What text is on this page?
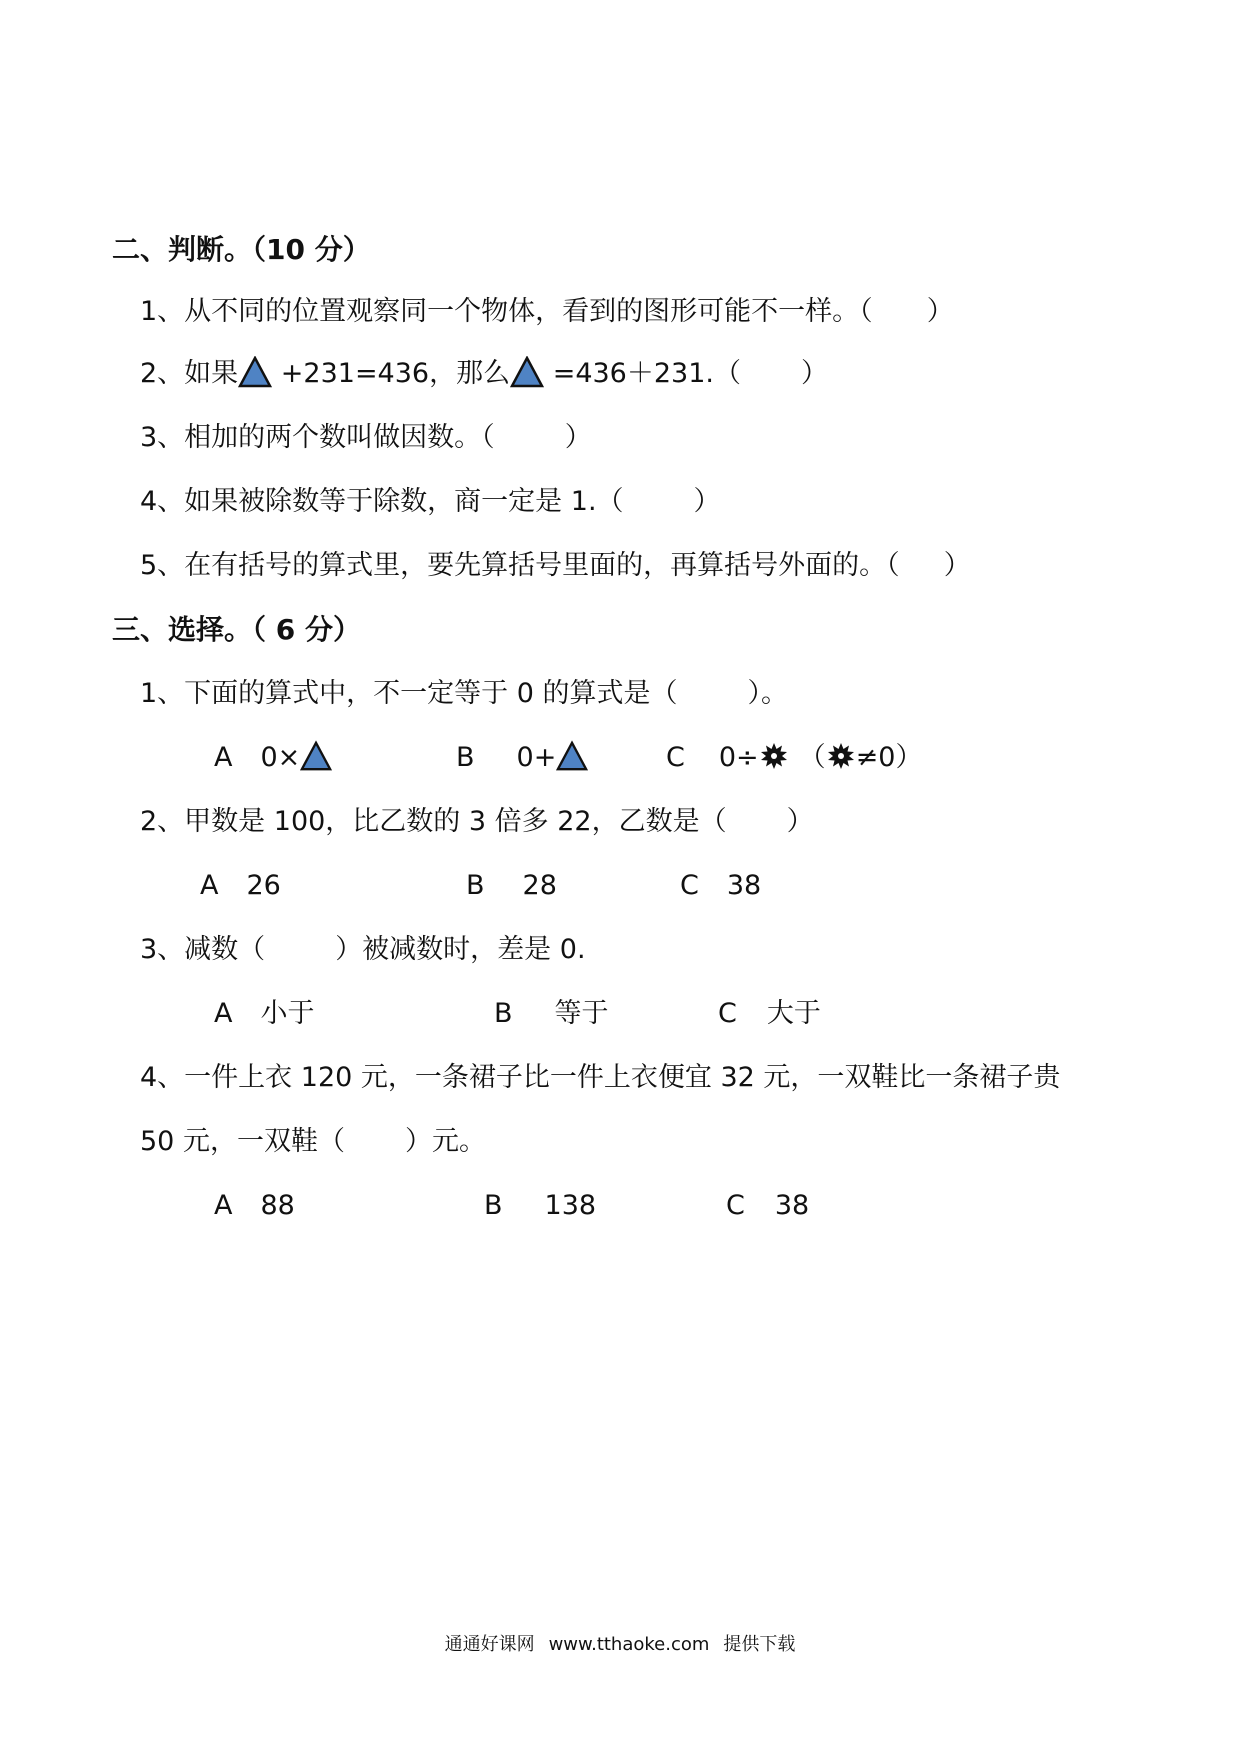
二、判断。（10 分）
1、从不同的位置观察同一个物体，看到的图形可能不一样。（ ）
2、如果 +231=436，那么 =436＋231.（ ）
3、相加的两个数叫做因数。（	）
4、如果被除数等于除数，商一定是 1.（	）
5、在有括号的算式里，要先算括号里面的，再算括号外面的。（ ）
三、选择。（ 6 分）
1、下面的算式中，不一定等于 0 的算式是（	）。
A 0×	B 0+	C 0÷ （ ≠0）
2、甲数是 100，比乙数的 3 倍多 22，乙数是（ ）
A 26	B 28	C 38
3、减数（	）被减数时，差是 0.
A 小于	B 等于	C 大于
4、一件上衣 120 元，一条裙子比一件上衣便宜 32 元，一双鞋比一条裙子贵
50 元，一双鞋（ ）元。
A 88	B 138	C 38
通通好课网 www.tthaoke.com 提供下载
